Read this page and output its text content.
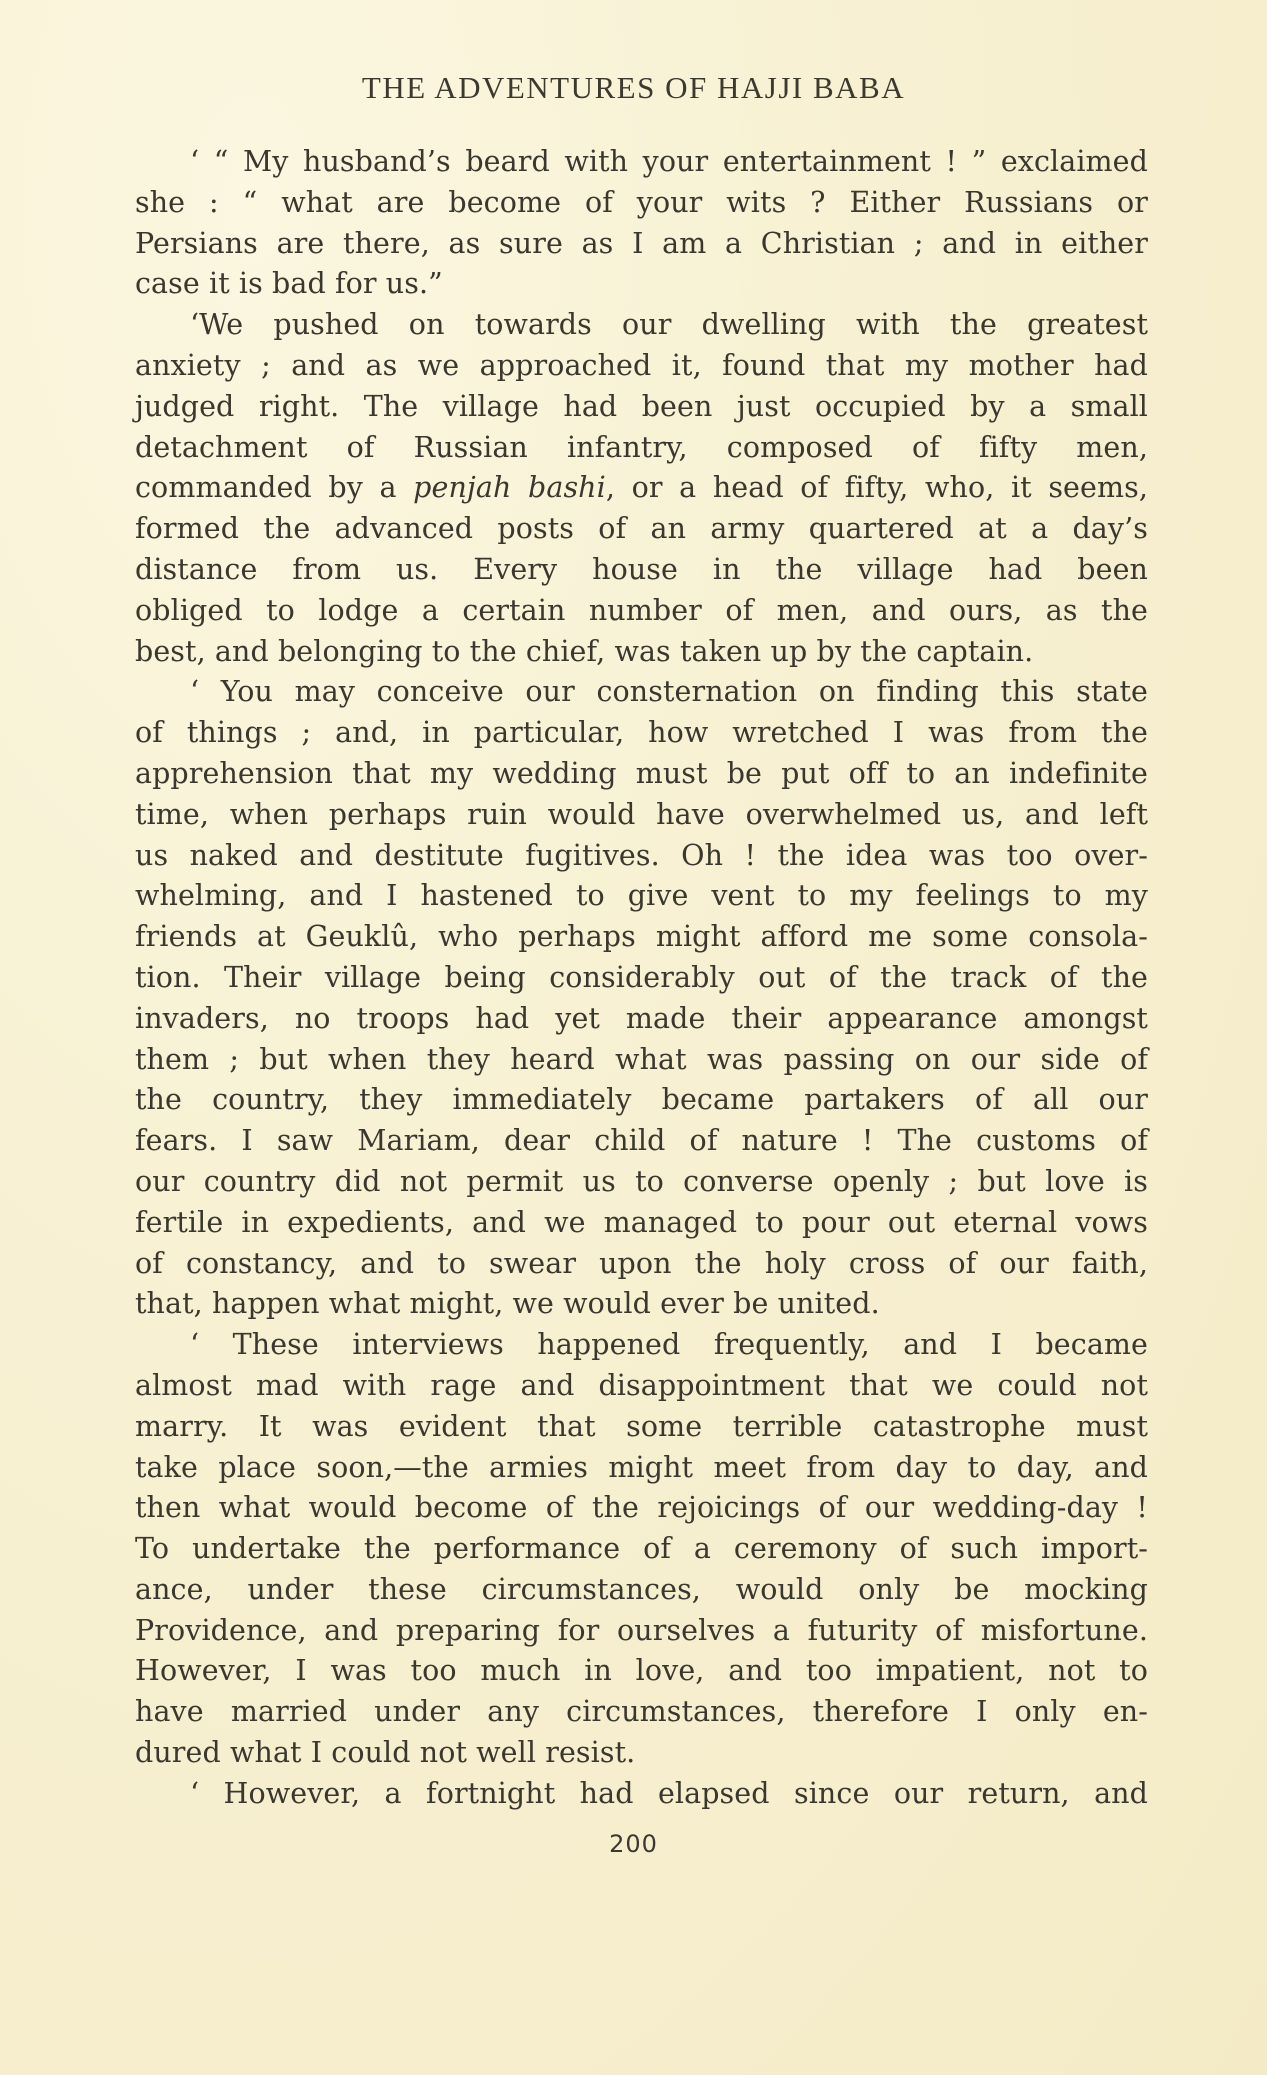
THE ADVENTURES OF HAJJI BABA
‘ “ My husband’s beard with your entertainment ! ” exclaimed
she : “ what are become of your wits ? Either Russians or
Persians are there, as sure as I am a Christian ; and in either
case it is bad for us.”
‘We pushed on towards our dwelling with the greatest
anxiety ; and as we approached it, found that my mother had
judged right. The village had been just occupied by a small
detachment of Russian infantry, composed of fifty men,
commanded by a penjah bashi, or a head of fifty, who, it seems,
formed the advanced posts of an army quartered at a day’s
distance from us. Every house in the village had been
obliged to lodge a certain number of men, and ours, as the
best, and belonging to the chief, was taken up by the captain.
‘ You may conceive our consternation on finding this state
of things ; and, in particular, how wretched I was from the
apprehension that my wedding must be put off to an indefinite
time, when perhaps ruin would have overwhelmed us, and left
us naked and destitute fugitives. Oh ! the idea was too over-
whelming, and I hastened to give vent to my feelings to my
friends at Geuklû, who perhaps might afford me some consola-
tion. Their village being considerably out of the track of the
invaders, no troops had yet made their appearance amongst
them ; but when they heard what was passing on our side of
the country, they immediately became partakers of all our
fears. I saw Mariam, dear child of nature ! The customs of
our country did not permit us to converse openly ; but love is
fertile in expedients, and we managed to pour out eternal vows
of constancy, and to swear upon the holy cross of our faith,
that, happen what might, we would ever be united.
‘ These interviews happened frequently, and I became
almost mad with rage and disappointment that we could not
marry. It was evident that some terrible catastrophe must
take place soon,—the armies might meet from day to day, and
then what would become of the rejoicings of our wedding-day !
To undertake the performance of a ceremony of such import-
ance, under these circumstances, would only be mocking
Providence, and preparing for ourselves a futurity of misfortune.
However, I was too much in love, and too impatient, not to
have married under any circumstances, therefore I only en-
dured what I could not well resist.
‘ However, a fortnight had elapsed since our return, and
200
